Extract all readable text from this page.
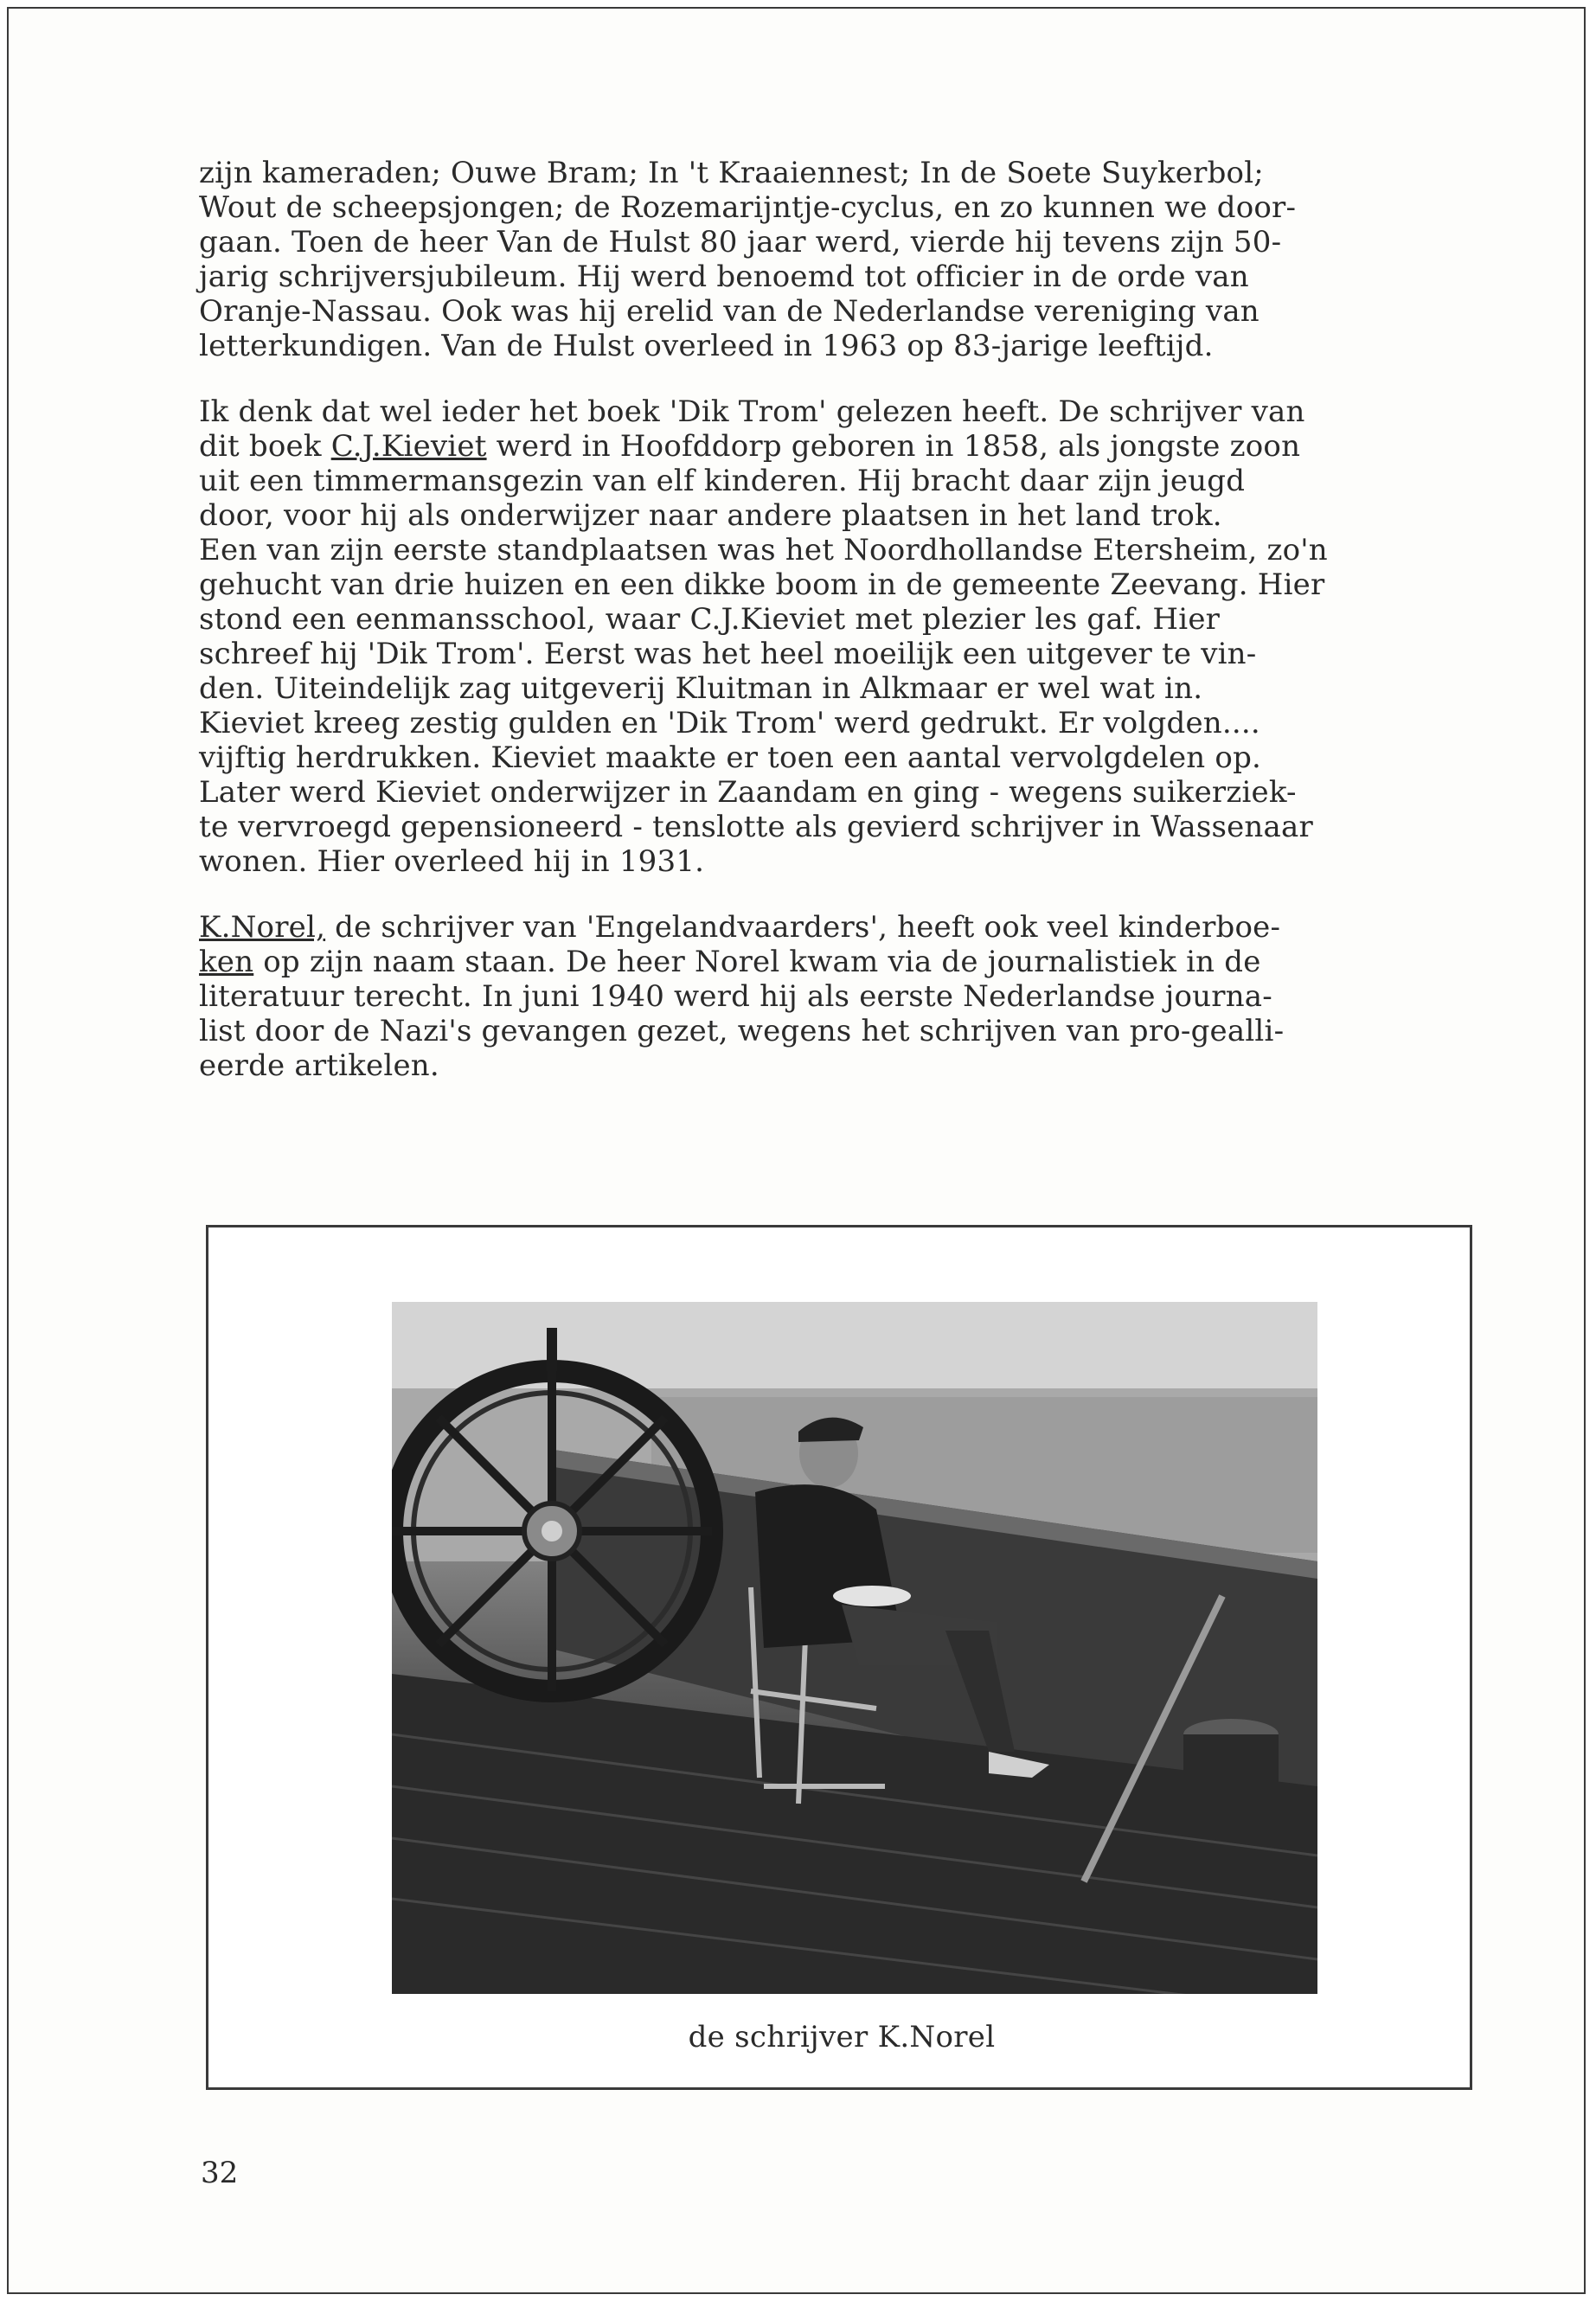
zijn kameraden; Ouwe Bram; In 't Kraaiennest; In de Soete Suykerbol;
Wout de scheepsjongen; de Rozemarijntje-cyclus, en zo kunnen we door-
gaan. Toen de heer Van de Hulst 80 jaar werd, vierde hij tevens zijn 50-
jarig schrijversjubileum. Hij werd benoemd tot officier in de orde van
Oranje-Nassau. Ook was hij erelid van de Nederlandse vereniging van
letterkundigen. Van de Hulst overleed in 1963 op 83-jarige leeftijd.

Ik denk dat wel ieder het boek 'Dik Trom' gelezen heeft. De schrijver van
dit boek C.J.Kieviet werd in Hoofddorp geboren in 1858, als jongste zoon
uit een timmermansgezin van elf kinderen. Hij bracht daar zijn jeugd
door, voor hij als onderwijzer naar andere plaatsen in het land trok.
Een van zijn eerste standplaatsen was het Noordhollandse Etersheim, zo'n
gehucht van drie huizen en een dikke boom in de gemeente Zeevang. Hier
stond een eenmansschool, waar C.J.Kieviet met plezier les gaf. Hier
schreef hij 'Dik Trom'. Eerst was het heel moeilijk een uitgever te vin-
den. Uiteindelijk zag uitgeverij Kluitman in Alkmaar er wel wat in.
Kieviet kreeg zestig gulden en 'Dik Trom' werd gedrukt. Er volgden....
vijftig herdrukken. Kieviet maakte er toen een aantal vervolgdelen op.
Later werd Kieviet onderwijzer in Zaandam en ging - wegens suikerziek-
te vervroegd gepensioneerd - tenslotte als gevierd schrijver in Wassenaar
wonen. Hier overleed hij in 1931.

K.Norel, de schrijver van 'Engelandvaarders', heeft ook veel kinderboe-
ken op zijn naam staan. De heer Norel kwam via de journalistiek in de
literatuur terecht. In juni 1940 werd hij als eerste Nederlandse journa-
list door de Nazi's gevangen gezet, wegens het schrijven van pro-geallі-
eerde artikelen.

de schrijver K.Norel
32
